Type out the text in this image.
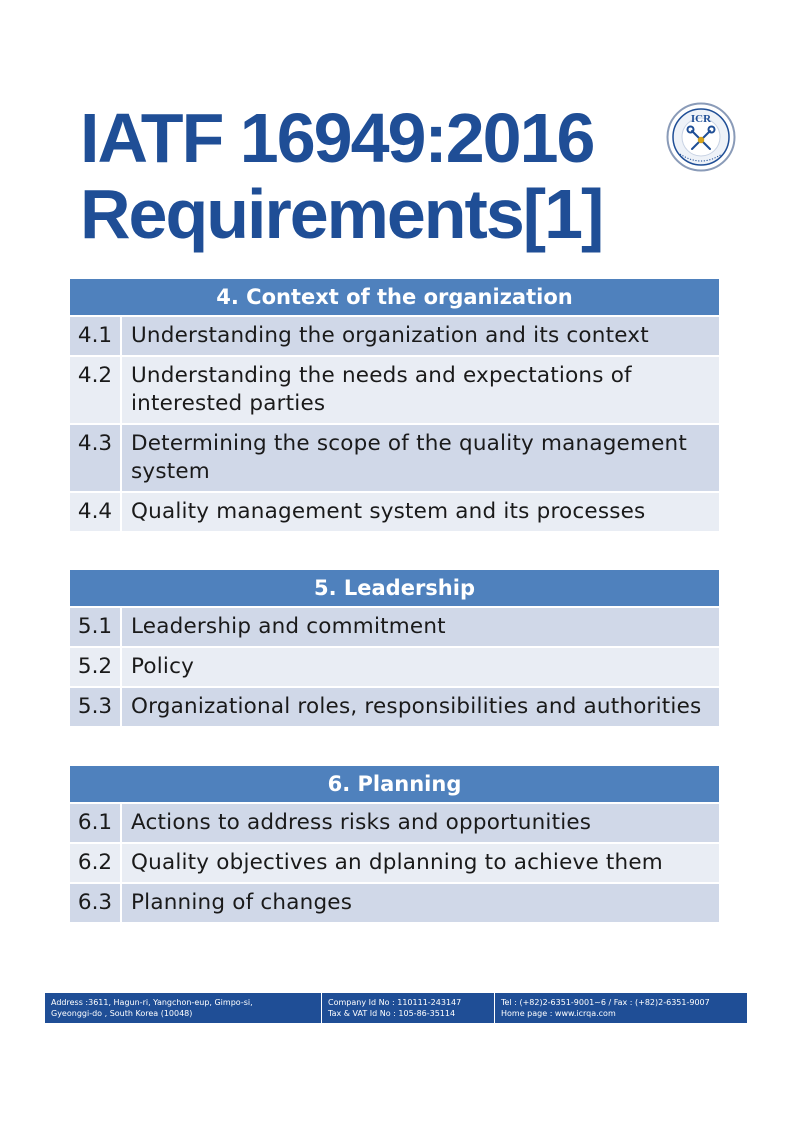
IATF 16949:2016
Requirements[1]
ICR
4. Context of the organization
4.1 Understanding the organization and its context
4.2 Understanding the needs and expectations of interested parties
4.3 Determining the scope of the quality management system
4.4 Quality management system and its processes
5. Leadership
5.1 Leadership and commitment
5.2 Policy
5.3 Organizational roles, responsibilities and authorities
6. Planning
6.1 Actions to address risks and opportunities
6.2 Quality objectives an dplanning to achieve them
6.3 Planning of changes
Address :3611, Hagun-ri, Yangchon-eup, Gimpo-si,
Gyeonggi-do , South Korea (10048)
Company Id No : 110111-243147
Tax & VAT Id No : 105-86-35114
Tel : (+82)2-6351-9001~6 / Fax : (+82)2-6351-9007
Home page : www.icrqa.com
